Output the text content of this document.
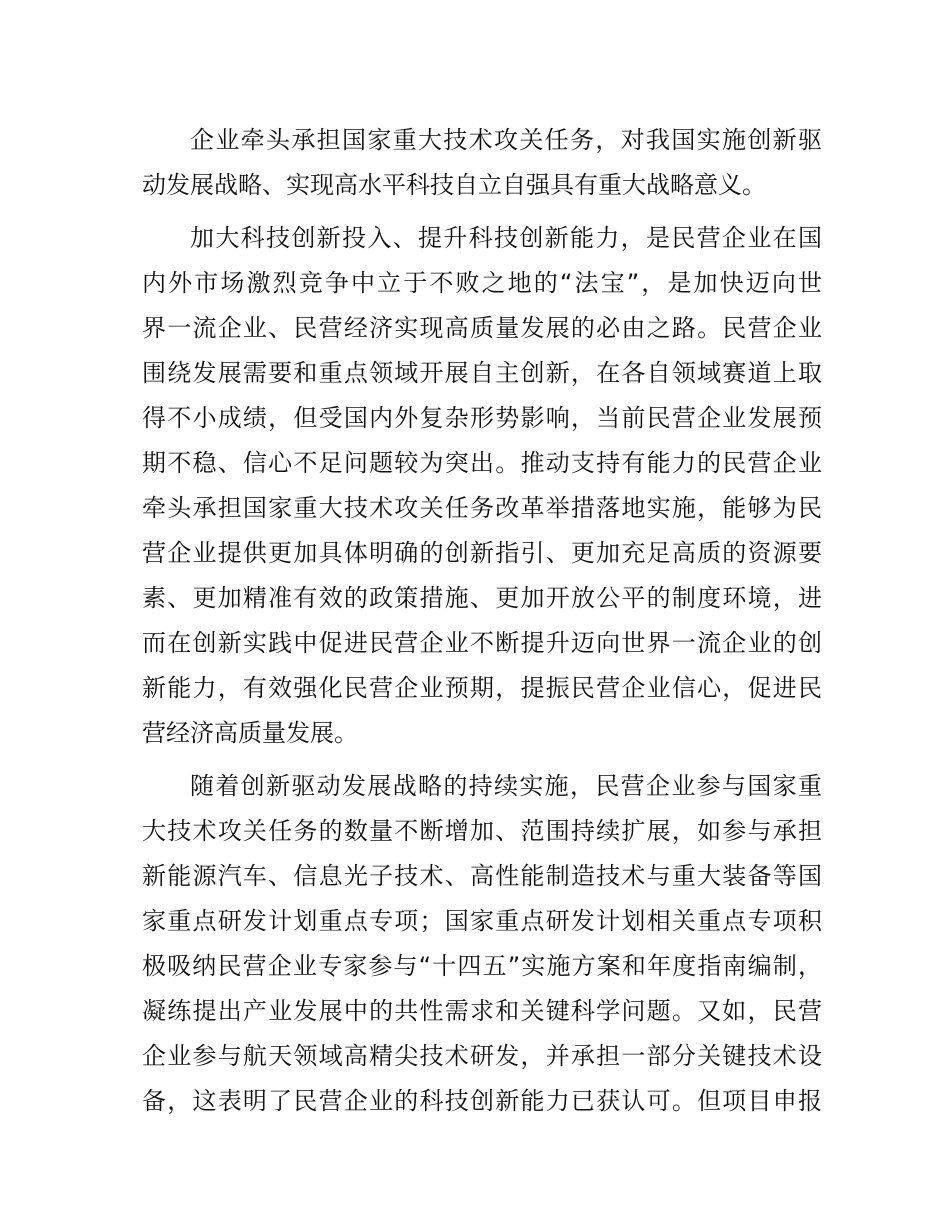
企业牵头承担国家重大技术攻关任务，对我国实施创新驱
动发展战略、实现高水平科技自立自强具有重大战略意义。
加大科技创新投入、提升科技创新能力，是民营企业在国
内外市场激烈竞争中立于不败之地的“法宝”，是加快迈向世
界一流企业、民营经济实现高质量发展的必由之路。民营企业
围绕发展需要和重点领域开展自主创新，在各自领域赛道上取
得不小成绩，但受国内外复杂形势影响，当前民营企业发展预
期不稳、信心不足问题较为突出。推动支持有能力的民营企业
牵头承担国家重大技术攻关任务改革举措落地实施，能够为民
营企业提供更加具体明确的创新指引、更加充足高质的资源要
素、更加精准有效的政策措施、更加开放公平的制度环境，进
而在创新实践中促进民营企业不断提升迈向世界一流企业的创
新能力，有效强化民营企业预期，提振民营企业信心，促进民
营经济高质量发展。
随着创新驱动发展战略的持续实施，民营企业参与国家重
大技术攻关任务的数量不断增加、范围持续扩展，如参与承担
新能源汽车、信息光子技术、高性能制造技术与重大装备等国
家重点研发计划重点专项；国家重点研发计划相关重点专项积
极吸纳民营企业专家参与“十四五”实施方案和年度指南编制，
凝练提出产业发展中的共性需求和关键科学问题。又如，民营
企业参与航天领域高精尖技术研发，并承担一部分关键技术设
备，这表明了民营企业的科技创新能力已获认可。但项目申报
